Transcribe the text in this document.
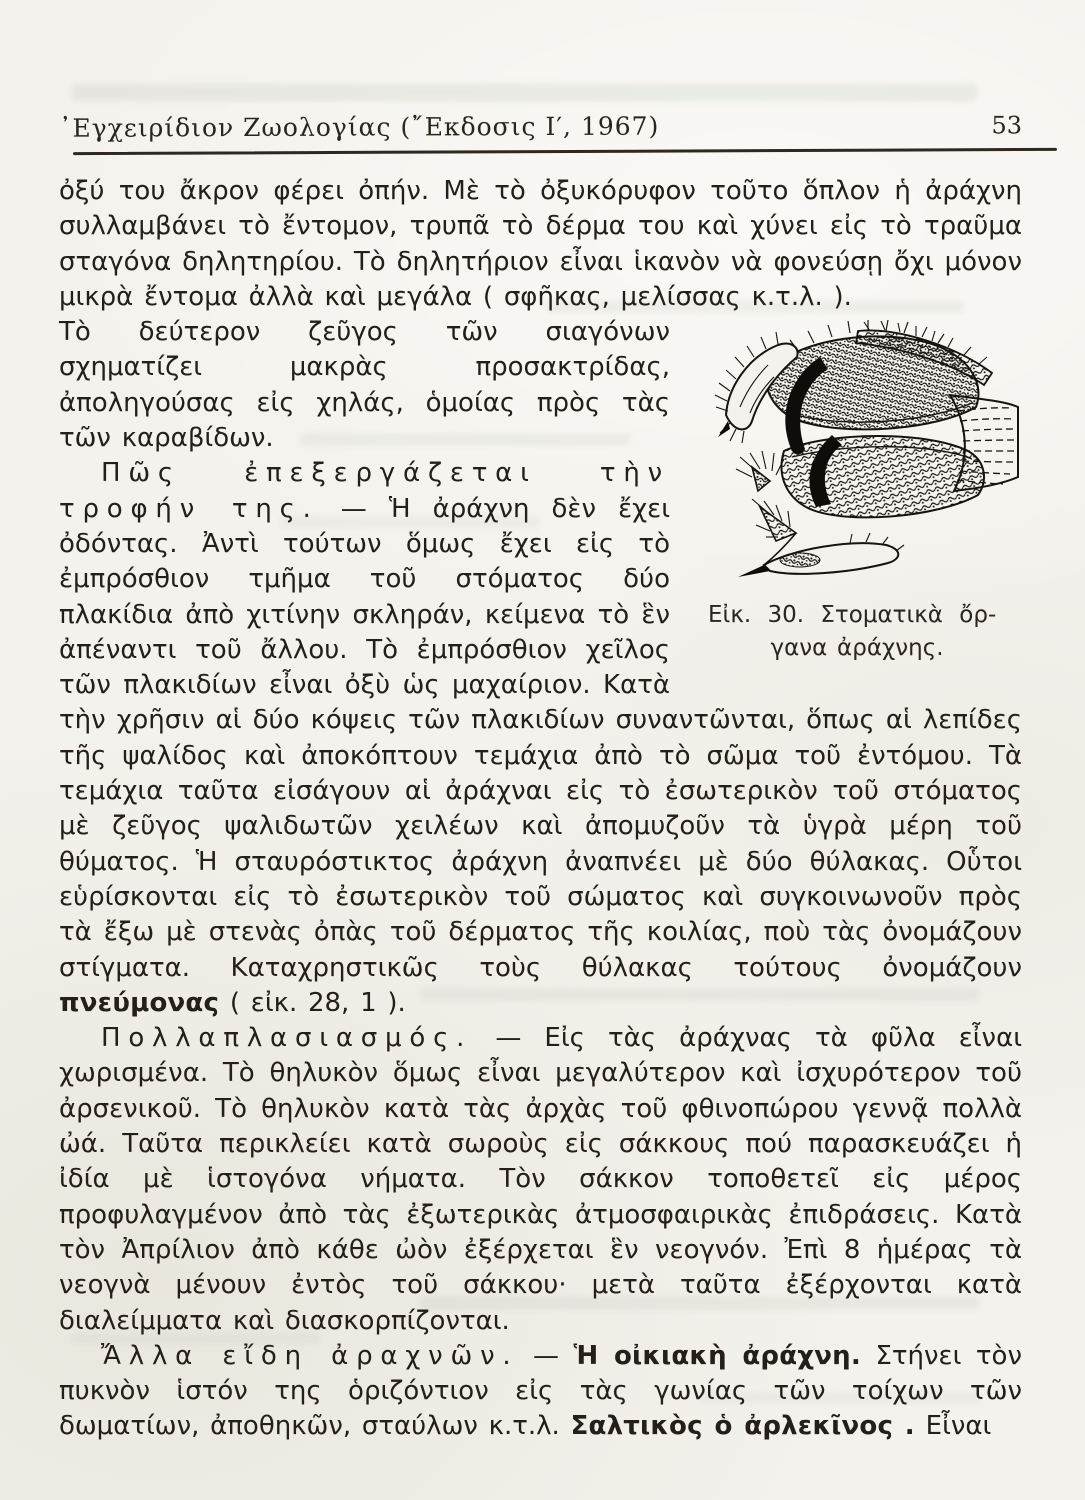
᾿Εγχειρίδιον Ζωολογίας (῎Εκδοσις Ι′, 1967)	53

ὀξύ του ἄκρον φέρει ὀπήν. Μὲ τὸ ὀξυκόρυφον τοῦτο ὅπλον ἡ ἀράχνη συλλαμβάνει τὸ ἔντομον, τρυπᾶ τὸ δέρμα του καὶ χύνει εἰς τὸ τραῦμα σταγόνα δηλητηρίου. Τὸ δηλητήριον εἶναι ἱκανὸν νὰ φονεύσῃ ὄχι μόνον μικρὰ ἔντομα ἀλλὰ καὶ μεγάλα ( σφῆκας, μελίσσας κ.τ.λ. ).

Εἰκ. 30. Στοματικὰ ὄρ-
γανα ἀράχνης.

Τὸ δεύτερον ζεῦγος τῶν σιαγόνων σχηματίζει μακρὰς προσακτρίδας, ἀποληγούσας εἰς χηλάς, ὁμοίας πρὸς τὰς τῶν καραβίδων.

Πῶς ἐπεξεργάζεται τὴν τροφήν της. — Ἡ ἀράχνη δὲν ἔχει ὀδόντας. Ἀντὶ τούτων ὅμως ἔχει εἰς τὸ ἐμπρόσθιον τμῆμα τοῦ στόματος δύο πλακίδια ἀπὸ χιτίνην σκληράν, κείμενα τὸ ἓν ἀπέναντι τοῦ ἄλλου. Τὸ ἐμπρόσθιον χεῖλος τῶν πλακιδίων εἶναι ὀξὺ ὡς μαχαίριον. Κατὰ τὴν χρῆσιν αἱ δύο κόψεις τῶν πλακιδίων συναντῶνται, ὅπως αἱ λεπίδες τῆς ψαλίδος καὶ ἀποκόπτουν τεμάχια ἀπὸ τὸ σῶμα τοῦ ἐντόμου. Τὰ τεμάχια ταῦτα εἰσάγουν αἱ ἀράχναι εἰς τὸ ἐσωτερικὸν τοῦ στόματος μὲ ζεῦγος ψαλιδωτῶν χειλέων καὶ ἀπομυζοῦν τὰ ὑγρὰ μέρη τοῦ θύματος. Ἡ σταυρόστικτος ἀράχνη ἀναπνέει μὲ δύο θύλακας. Οὗτοι εὑρίσκονται εἰς τὸ ἐσωτερικὸν τοῦ σώματος καὶ συγκοινωνοῦν πρὸς τὰ ἔξω μὲ στενὰς ὀπὰς τοῦ δέρματος τῆς κοιλίας, ποὺ τὰς ὀνομάζουν στίγματα. Καταχρηστικῶς τοὺς θύλακας τούτους ὀνομάζουν πνεύμονας ( εἰκ. 28, 1 ).

Πολλαπλασιασμός. — Εἰς τὰς ἀράχνας τὰ φῦλα εἶναι χωρισμένα. Τὸ θηλυκὸν ὅμως εἶναι μεγαλύτερον καὶ ἰσχυρότερον τοῦ ἀρσενικοῦ. Τὸ θηλυκὸν κατὰ τὰς ἀρχὰς τοῦ φθινοπώρου γεννᾷ πολλὰ ὠά. Ταῦτα περικλείει κατὰ σωροὺς εἰς σάκκους πού παρασκευάζει ἡ ἰδία μὲ ἱστογόνα νήματα. Τὸν σάκκον τοποθετεῖ εἰς μέρος προφυλαγμένον ἀπὸ τὰς ἐξωτερικὰς ἀτμοσφαιρικὰς ἐπιδράσεις. Κατὰ τὸν Ἀπρίλιον ἀπὸ κάθε ὠὸν ἐξέρχεται ἓν νεογνόν. Ἐπὶ 8 ἡμέρας τὰ νεογνὰ μένουν ἐντὸς τοῦ σάκκου· μετὰ ταῦτα ἐξέρχονται κατὰ διαλείμματα καὶ διασκορπίζονται.

Ἄλλα εἴδη ἀραχνῶν. — Ἡ οἰκιακὴ ἀράχνη. Στήνει τὸν πυκνὸν ἱστόν της ὁριζόντιον εἰς τὰς γωνίας τῶν τοίχων τῶν δωματίων, ἀποθηκῶν, σταύλων κ.τ.λ. Σαλτικὸς ὁ ἀρλεκῖνος . Εἶναι
